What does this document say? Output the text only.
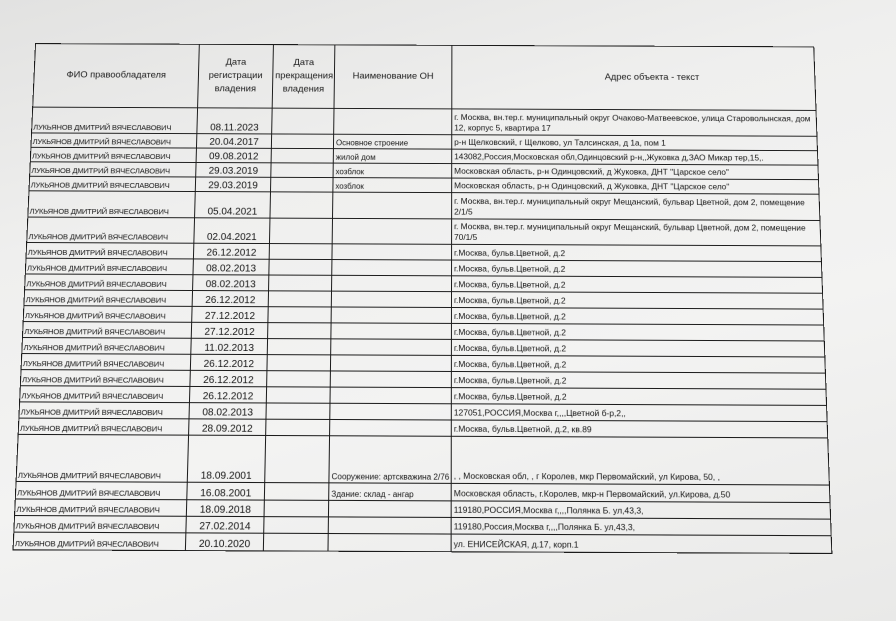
ФИО правообладателя	Дата регистрации владения	Дата прекращения владения	Наименование ОН	Адрес объекта - текст
ЛУКЬЯНОВ ДМИТРИЙ ВЯЧЕСЛАВОВИЧ	08.11.2023			г. Москва, вн.тер.г. муниципальный округ Очаково-Матвеевское, улица Староволынская, дом 12, корпус 5, квартира 17
ЛУКЬЯНОВ ДМИТРИЙ ВЯЧЕСЛАВОВИЧ	20.04.2017		Основное строение	р-н Щелковский, г Щелково, ул Талсинская, д 1а, пом 1
ЛУКЬЯНОВ ДМИТРИЙ ВЯЧЕСЛАВОВИЧ	09.08.2012		жилой дом	143082,Россия,Московская обл,Одинцовский р-н,,Жуковка д,ЗАО Микар тер,15,.
ЛУКЬЯНОВ ДМИТРИЙ ВЯЧЕСЛАВОВИЧ	29.03.2019		хозблок	Московская область, р-н Одинцовский, д Жуковка, ДНТ "Царское село"
ЛУКЬЯНОВ ДМИТРИЙ ВЯЧЕСЛАВОВИЧ	29.03.2019		хозблок	Московская область, р-н Одинцовский, д Жуковка, ДНТ "Царское село"
ЛУКЬЯНОВ ДМИТРИЙ ВЯЧЕСЛАВОВИЧ	05.04.2021			г. Москва, вн.тер.г. муниципальный округ Мещанский, бульвар Цветной, дом 2, помещение 2/1/5
ЛУКЬЯНОВ ДМИТРИЙ ВЯЧЕСЛАВОВИЧ	02.04.2021			г. Москва, вн.тер.г. муниципальный округ Мещанский, бульвар Цветной, дом 2, помещение 70/1/5
ЛУКЬЯНОВ ДМИТРИЙ ВЯЧЕСЛАВОВИЧ	26.12.2012			г.Москва, бульв.Цветной, д.2
ЛУКЬЯНОВ ДМИТРИЙ ВЯЧЕСЛАВОВИЧ	08.02.2013			г.Москва, бульв.Цветной, д.2
ЛУКЬЯНОВ ДМИТРИЙ ВЯЧЕСЛАВОВИЧ	08.02.2013			г.Москва, бульв.Цветной, д.2
ЛУКЬЯНОВ ДМИТРИЙ ВЯЧЕСЛАВОВИЧ	26.12.2012			г.Москва, бульв.Цветной, д.2
ЛУКЬЯНОВ ДМИТРИЙ ВЯЧЕСЛАВОВИЧ	27.12.2012			г.Москва, бульв.Цветной, д.2
ЛУКЬЯНОВ ДМИТРИЙ ВЯЧЕСЛАВОВИЧ	27.12.2012			г.Москва, бульв.Цветной, д.2
ЛУКЬЯНОВ ДМИТРИЙ ВЯЧЕСЛАВОВИЧ	11.02.2013			г.Москва, бульв.Цветной, д.2
ЛУКЬЯНОВ ДМИТРИЙ ВЯЧЕСЛАВОВИЧ	26.12.2012			г.Москва, бульв.Цветной, д.2
ЛУКЬЯНОВ ДМИТРИЙ ВЯЧЕСЛАВОВИЧ	26.12.2012			г.Москва, бульв.Цветной, д.2
ЛУКЬЯНОВ ДМИТРИЙ ВЯЧЕСЛАВОВИЧ	26.12.2012			г.Москва, бульв.Цветной, д.2
ЛУКЬЯНОВ ДМИТРИЙ ВЯЧЕСЛАВОВИЧ	08.02.2013			127051,РОССИЯ,Москва г,,,,Цветной б-р,2,,
ЛУКЬЯНОВ ДМИТРИЙ ВЯЧЕСЛАВОВИЧ	28.09.2012			г.Москва, бульв.Цветной, д.2, кв.89
ЛУКЬЯНОВ ДМИТРИЙ ВЯЧЕСЛАВОВИЧ	18.09.2001		Сооружение: артскважина 2/76	, , Московская обл, , г Королев, мкр Первомайский, ул Кирова, 50, ,
ЛУКЬЯНОВ ДМИТРИЙ ВЯЧЕСЛАВОВИЧ	16.08.2001		Здание: склад - ангар	Московская область, г.Королев, мкр-н Первомайский, ул.Кирова, д.50
ЛУКЬЯНОВ ДМИТРИЙ ВЯЧЕСЛАВОВИЧ	18.09.2018			119180,РОССИЯ,Москва г,,,,Полянка Б. ул,43,3,
ЛУКЬЯНОВ ДМИТРИЙ ВЯЧЕСЛАВОВИЧ	27.02.2014			119180,Россия,Москва г,,,,Полянка Б. ул,43,3,
ЛУКЬЯНОВ ДМИТРИЙ ВЯЧЕСЛАВОВИЧ	20.10.2020			ул. ЕНИСЕЙСКАЯ, д.17, корп.1
